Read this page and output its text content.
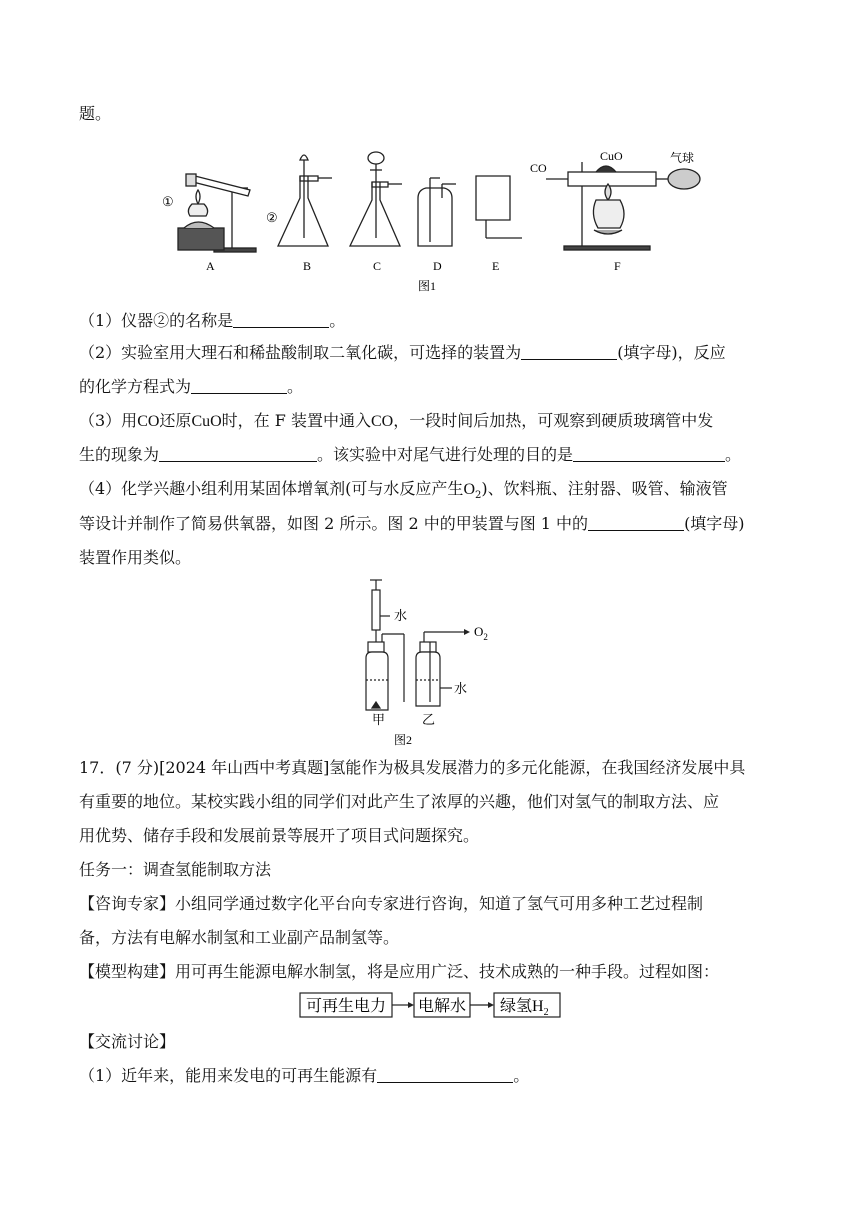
题。
①
②
CO
CuO	气球
A	B	C	D	E	F
图1
（1）仪器②的名称是	。
（2）实验室用大理石和稀盐酸制取二氧化碳，可选择的装置为	(填字母)，反应
的化学方程式为	。
（3）用CO还原CuO时，在 F 装置中通入CO，一段时间后加热，可观察到硬质玻璃管中发
生的现象为	。该实验中对尾气进行处理的目的是	。
（4）化学兴趣小组利用某固体增氧剂(可与水反应产生$O_2$)、饮料瓶、注射器、吸管、输液管
等设计并制作了简易供氧器，如图 2 所示。图 2 中的甲装置与图 1 中的	(填字母)
装置作用类似。
水
$O_2$
水
甲	乙
图2
17．(7 分)[2024 年山西中考真题]氢能作为极具发展潜力的多元化能源，在我国经济发展中具
有重要的地位。某校实践小组的同学们对此产生了浓厚的兴趣，他们对氢气的制取方法、应
用优势、储存手段和发展前景等展开了项目式问题探究。
任务一：调查氢能制取方法
【咨询专家】小组同学通过数字化平台向专家进行咨询，知道了氢气可用多种工艺过程制
备，方法有电解水制氢和工业副产品制氢等。
【模型构建】用可再生能源电解水制氢，将是应用广泛、技术成熟的一种手段。过程如图：
可再生电力 电解水 绿氢$H_2$
【交流讨论】
（1）近年来，能用来发电的可再生能源有	。
